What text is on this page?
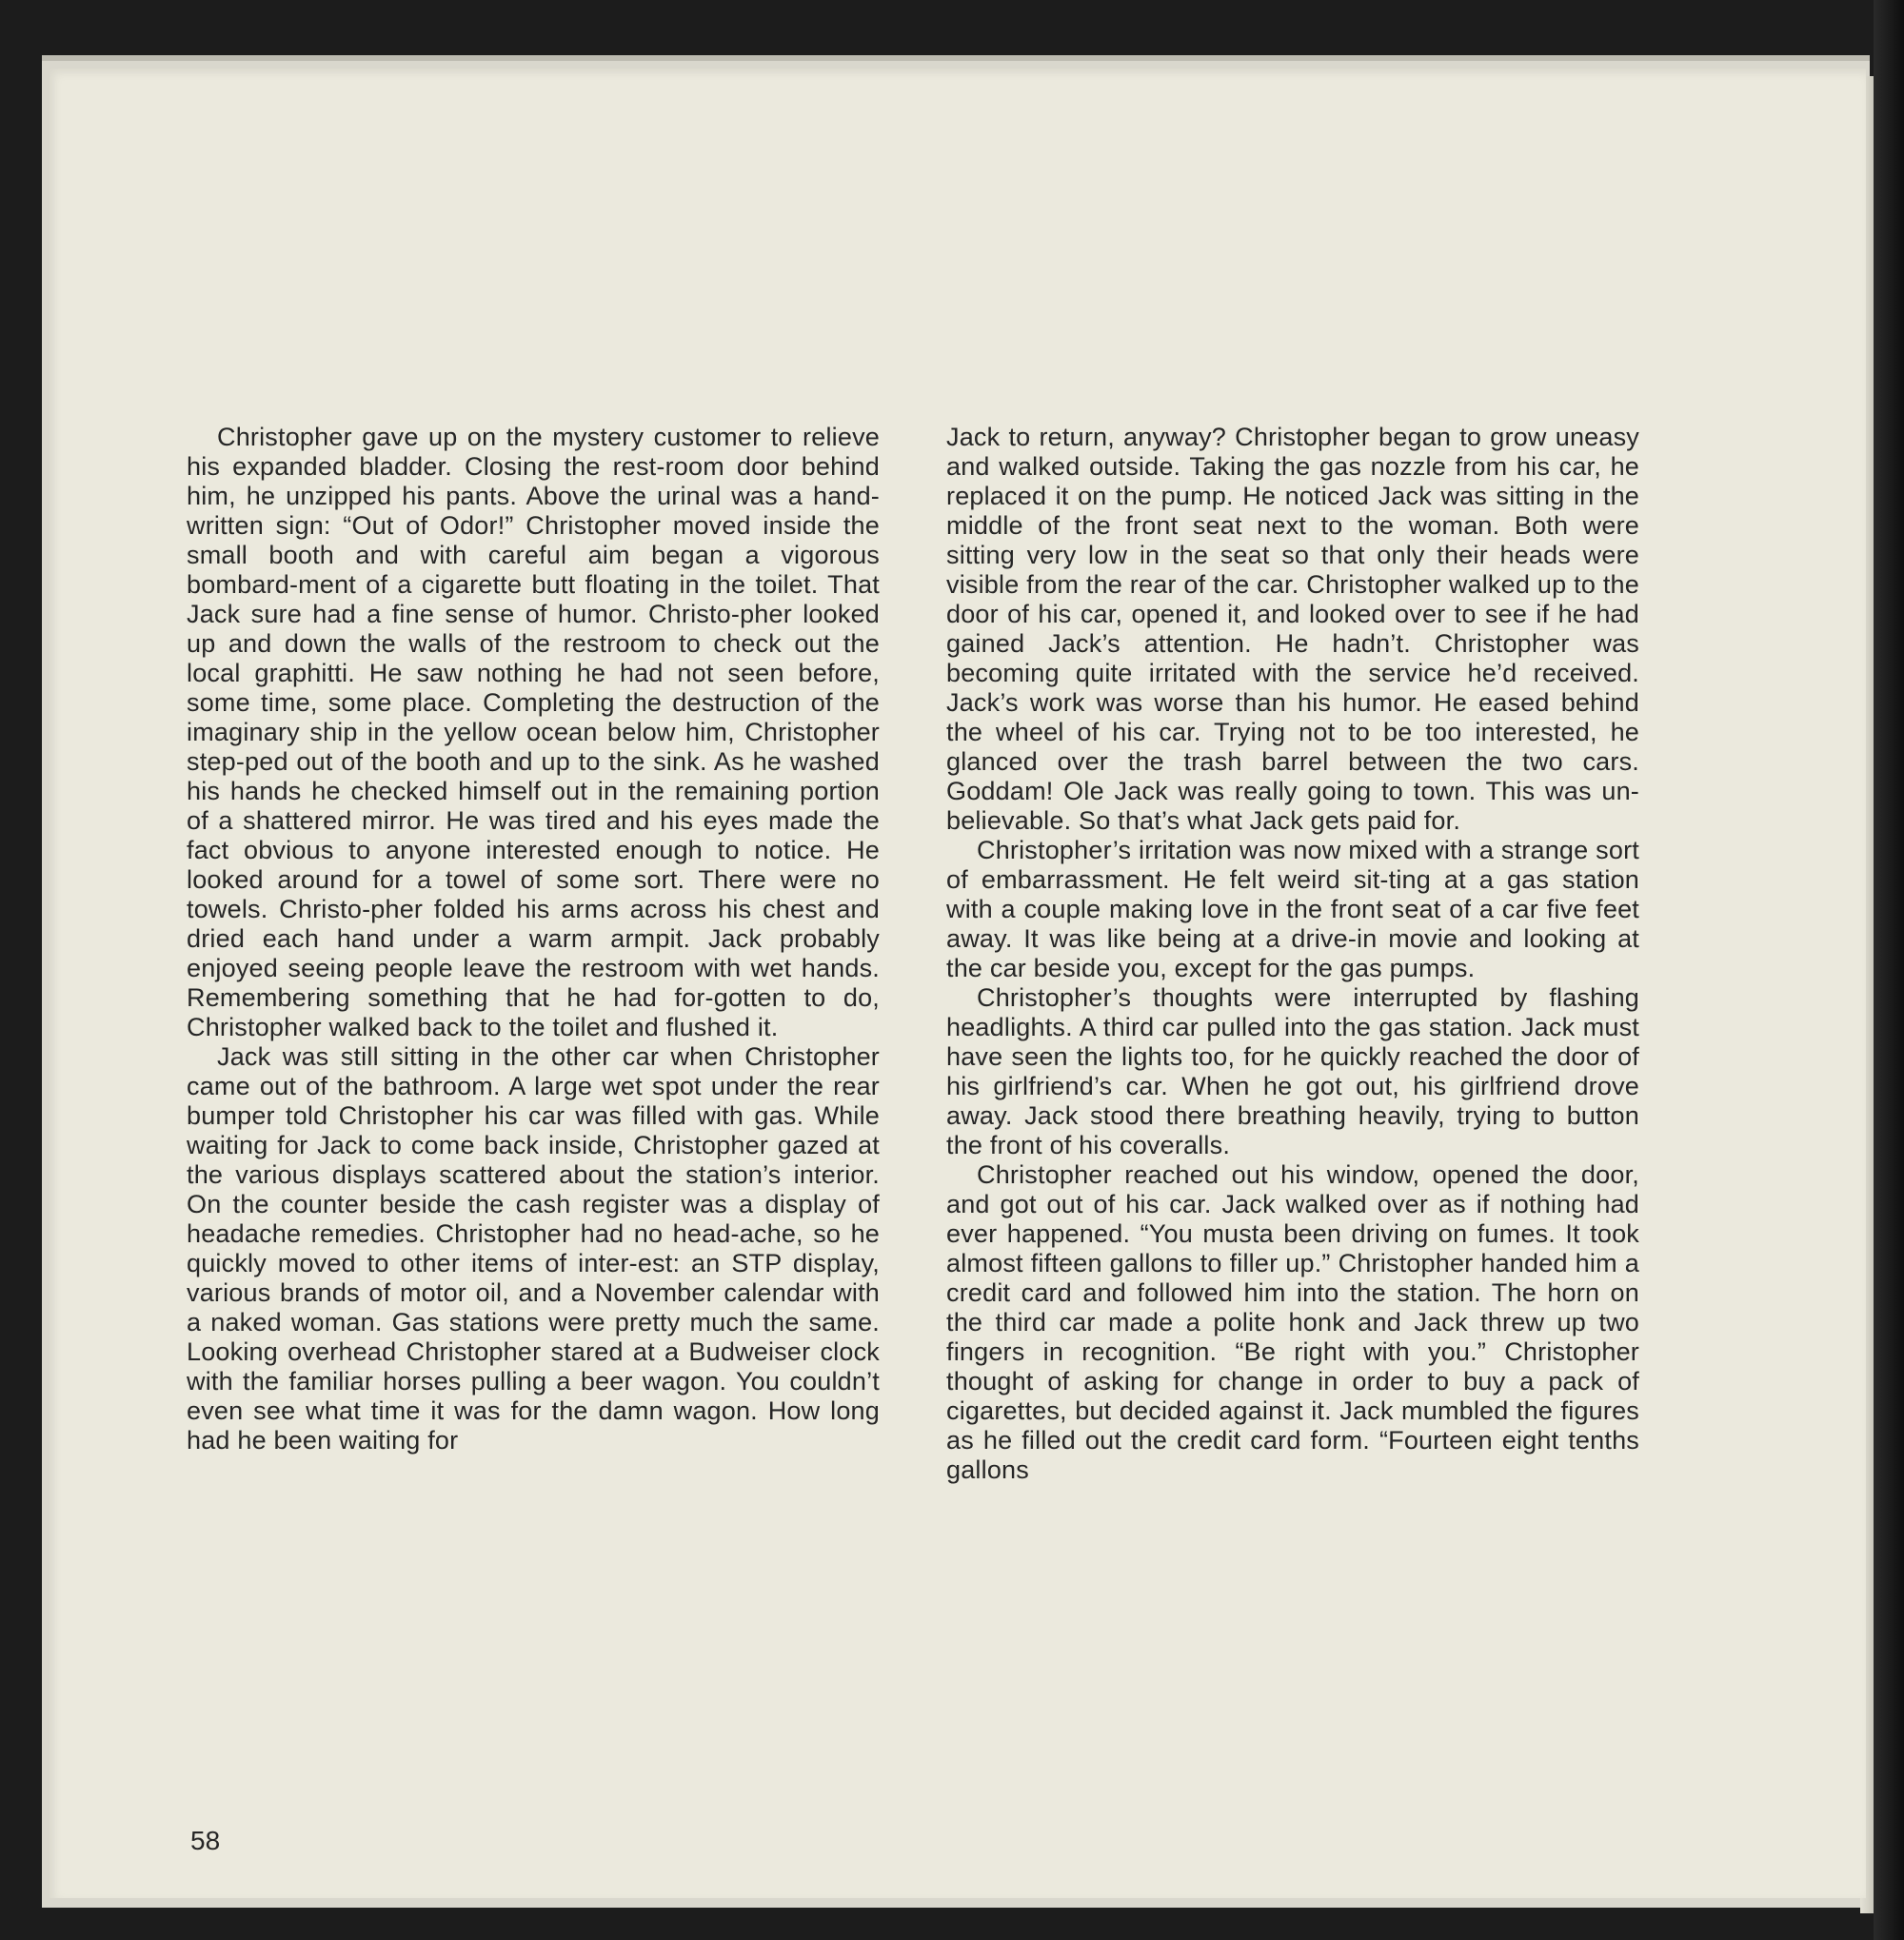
Christopher gave up on the mystery customer to relieve his expanded bladder. Closing the rest-room door behind him, he unzipped his pants. Above the urinal was a hand-written sign: “Out of Odor!” Christopher moved inside the small booth and with careful aim began a vigorous bombard-ment of a cigarette butt floating in the toilet. That Jack sure had a fine sense of humor. Christo-pher looked up and down the walls of the restroom to check out the local graphitti. He saw nothing he had not seen before, some time, some place. Completing the destruction of the imaginary ship in the yellow ocean below him, Christopher step-ped out of the booth and up to the sink. As he washed his hands he checked himself out in the remaining portion of a shattered mirror. He was tired and his eyes made the fact obvious to anyone interested enough to notice. He looked around for a towel of some sort. There were no towels. Christo-pher folded his arms across his chest and dried each hand under a warm armpit. Jack probably enjoyed seeing people leave the restroom with wet hands. Remembering something that he had for-gotten to do, Christopher walked back to the toilet and flushed it.

Jack was still sitting in the other car when Christopher came out of the bathroom. A large wet spot under the rear bumper told Christopher his car was filled with gas. While waiting for Jack to come back inside, Christopher gazed at the various displays scattered about the station’s interior. On the counter beside the cash register was a display of headache remedies. Christopher had no head-ache, so he quickly moved to other items of inter-est: an STP display, various brands of motor oil, and a November calendar with a naked woman. Gas stations were pretty much the same. Looking overhead Christopher stared at a Budweiser clock with the familiar horses pulling a beer wagon. You couldn’t even see what time it was for the damn wagon. How long had he been waiting for

Jack to return, anyway? Christopher began to grow uneasy and walked outside. Taking the gas nozzle from his car, he replaced it on the pump. He noticed Jack was sitting in the middle of the front seat next to the woman. Both were sitting very low in the seat so that only their heads were visible from the rear of the car. Christopher walked up to the door of his car, opened it, and looked over to see if he had gained Jack’s attention. He hadn’t. Christopher was becoming quite irritated with the service he’d received. Jack’s work was worse than his humor. He eased behind the wheel of his car. Trying not to be too interested, he glanced over the trash barrel between the two cars. Goddam! Ole Jack was really going to town. This was un-believable. So that’s what Jack gets paid for.

Christopher’s irritation was now mixed with a strange sort of embarrassment. He felt weird sit-ting at a gas station with a couple making love in the front seat of a car five feet away. It was like being at a drive-in movie and looking at the car beside you, except for the gas pumps.

Christopher’s thoughts were interrupted by flashing headlights. A third car pulled into the gas station. Jack must have seen the lights too, for he quickly reached the door of his girlfriend’s car. When he got out, his girlfriend drove away. Jack stood there breathing heavily, trying to button the front of his coveralls.

Christopher reached out his window, opened the door, and got out of his car. Jack walked over as if nothing had ever happened. “You musta been driving on fumes. It took almost fifteen gallons to filler up.” Christopher handed him a credit card and followed him into the station. The horn on the third car made a polite honk and Jack threw up two fingers in recognition. “Be right with you.” Christopher thought of asking for change in order to buy a pack of cigarettes, but decided against it. Jack mumbled the figures as he filled out the credit card form. “Fourteen eight tenths gallons

58
